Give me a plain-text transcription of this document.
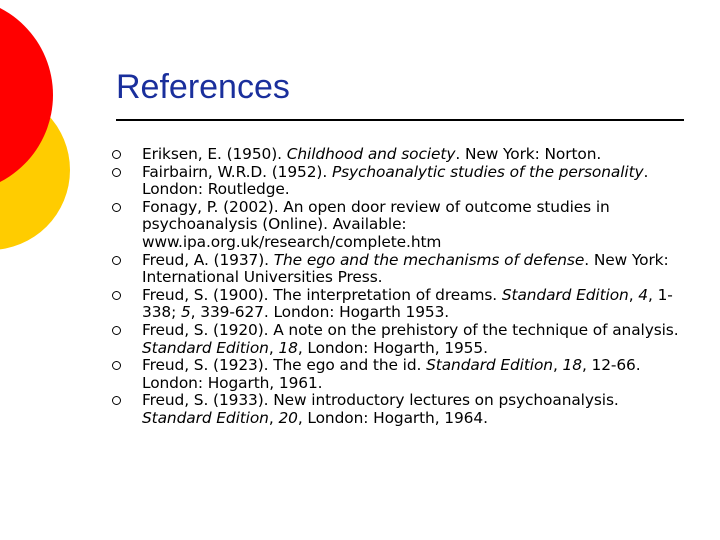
References
Eriksen, E. (1950). Childhood and society. New York: Norton.
Fairbairn, W.R.D. (1952). Psychoanalytic studies of the personality. London: Routledge.
Fonagy, P. (2002). An open door review of outcome studies in psychoanalysis (Online). Available: www.ipa.org.uk/research/complete.htm
Freud, A. (1937). The ego and the mechanisms of defense. New York: International Universities Press.
Freud, S. (1900). The interpretation of dreams. Standard Edition, 4, 1-338; 5, 339-627. London: Hogarth 1953.
Freud, S. (1920). A note on the prehistory of the technique of analysis. Standard Edition, 18, London: Hogarth, 1955.
Freud, S. (1923). The ego and the id. Standard Edition, 18, 12-66. London: Hogarth, 1961.
Freud, S. (1933). New introductory lectures on psychoanalysis. Standard Edition, 20, London: Hogarth, 1964.
